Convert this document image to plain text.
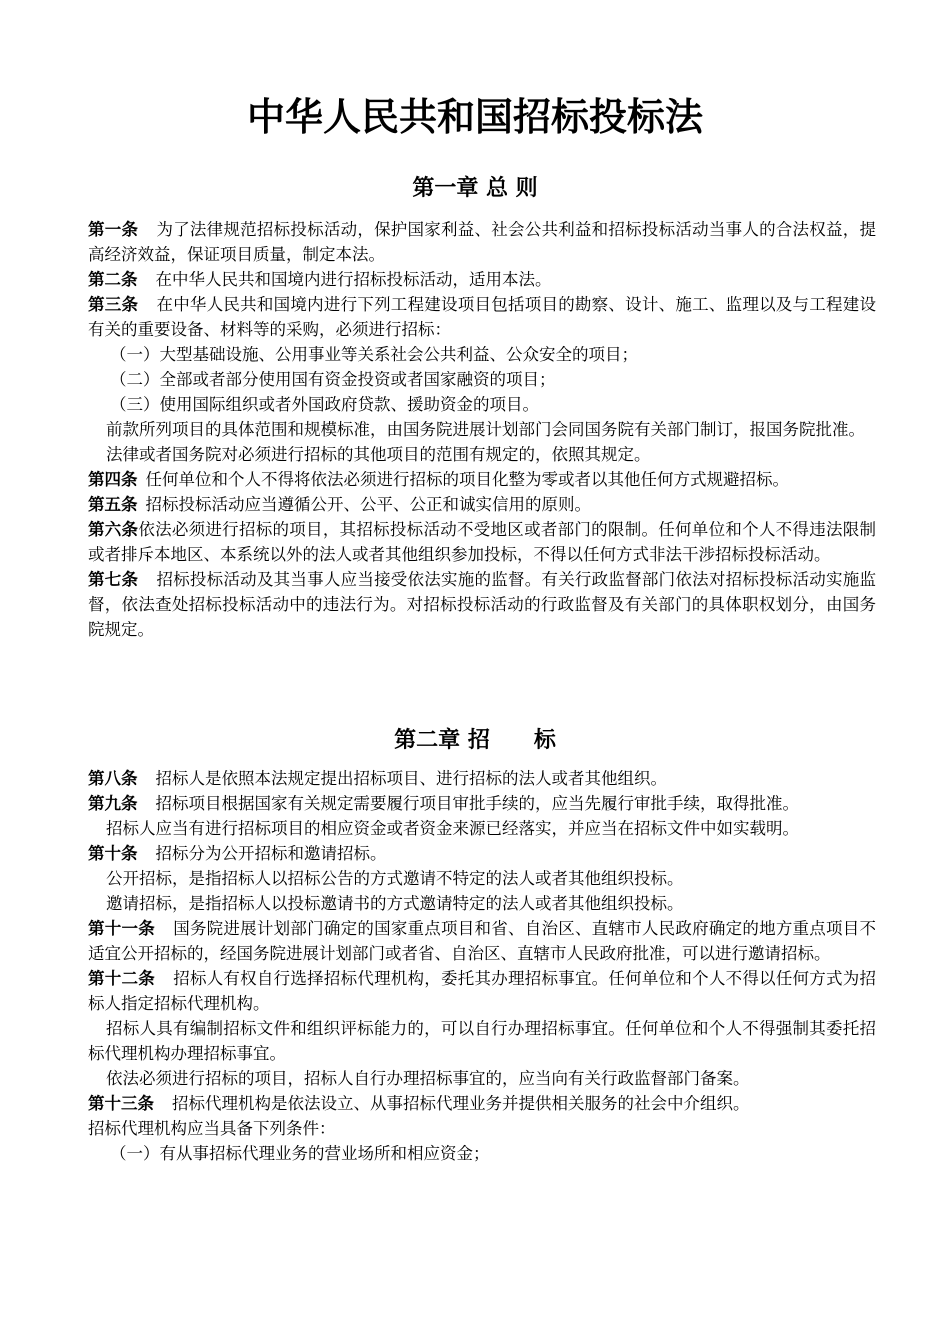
中华人民共和国招标投标法
第一章 总 则

第一条 为了法律规范招标投标活动，保护国家利益、社会公共利益和招标投标活动当事人的合法权益，提高经济效益，保证项目质量，制定本法。

第二条 在中华人民共和国境内进行招标投标活动，适用本法。

第三条 在中华人民共和国境内进行下列工程建设项目包括项目的勘察、设计、施工、监理以及与工程建设有关的重要设备、材料等的采购，必须进行招标：

（一）大型基础设施、公用事业等关系社会公共利益、公众安全的项目；

（二）全部或者部分使用国有资金投资或者国家融资的项目；

（三）使用国际组织或者外国政府贷款、援助资金的项目。

前款所列项目的具体范围和规模标准，由国务院进展计划部门会同国务院有关部门制订，报国务院批准。

法律或者国务院对必须进行招标的其他项目的范围有规定的，依照其规定。

第四条 任何单位和个人不得将依法必须进行招标的项目化整为零或者以其他任何方式规避招标。

第五条 招标投标活动应当遵循公开、公平、公正和诚实信用的原则。

第六条依法必须进行招标的项目，其招标投标活动不受地区或者部门的限制。任何单位和个人不得违法限制或者排斥本地区、本系统以外的法人或者其他组织参加投标，不得以任何方式非法干涉招标投标活动。

第七条 招标投标活动及其当事人应当接受依法实施的监督。有关行政监督部门依法对招标投标活动实施监督，依法查处招标投标活动中的违法行为。对招标投标活动的行政监督及有关部门的具体职权划分，由国务院规定。

第二章 招　　标

第八条 招标人是依照本法规定提出招标项目、进行招标的法人或者其他组织。

第九条 招标项目根据国家有关规定需要履行项目审批手续的，应当先履行审批手续，取得批准。

招标人应当有进行招标项目的相应资金或者资金来源已经落实，并应当在招标文件中如实载明。

第十条 招标分为公开招标和邀请招标。

公开招标，是指招标人以招标公告的方式邀请不特定的法人或者其他组织投标。

邀请招标，是指招标人以投标邀请书的方式邀请特定的法人或者其他组织投标。

第十一条 国务院进展计划部门确定的国家重点项目和省、自治区、直辖市人民政府确定的地方重点项目不适宜公开招标的，经国务院进展计划部门或者省、自治区、直辖市人民政府批准，可以进行邀请招标。

第十二条 招标人有权自行选择招标代理机构，委托其办理招标事宜。任何单位和个人不得以任何方式为招标人指定招标代理机构。

招标人具有编制招标文件和组织评标能力的，可以自行办理招标事宜。任何单位和个人不得强制其委托招标代理机构办理招标事宜。

依法必须进行招标的项目，招标人自行办理招标事宜的，应当向有关行政监督部门备案。

第十三条 招标代理机构是依法设立、从事招标代理业务并提供相关服务的社会中介组织。

招标代理机构应当具备下列条件：

（一）有从事招标代理业务的营业场所和相应资金；
